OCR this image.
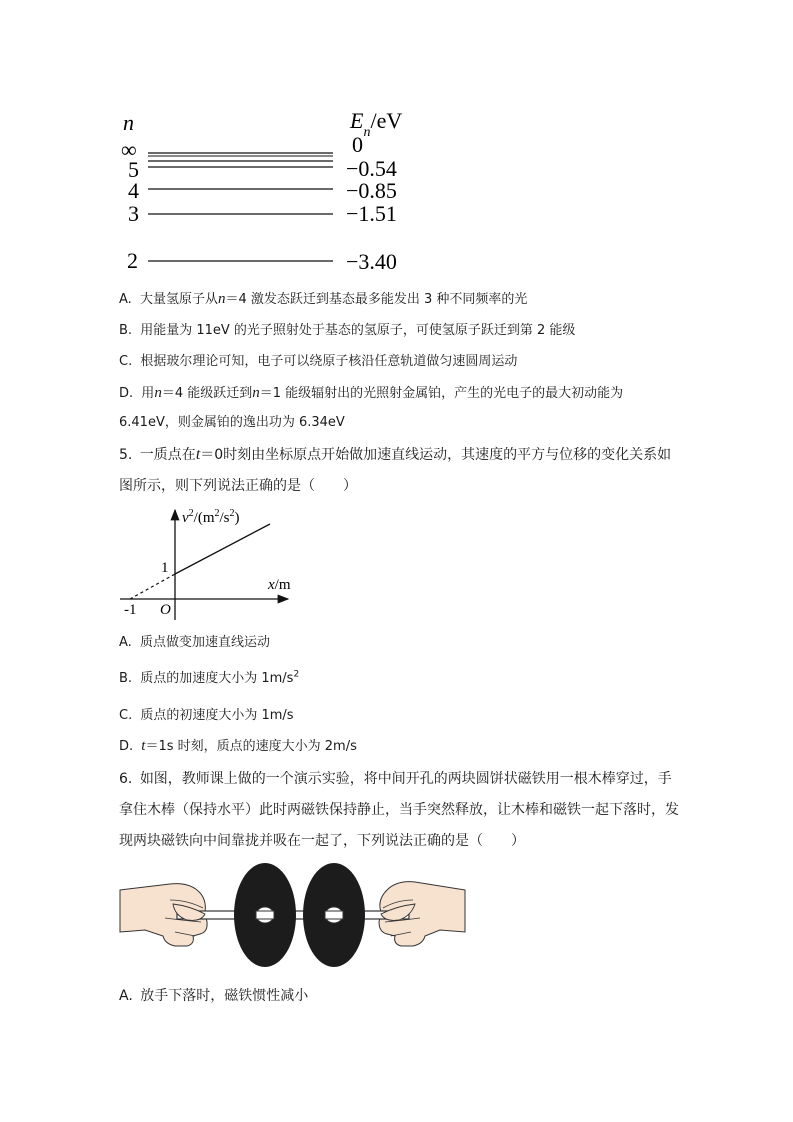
n	$E_n/eV$
∞	0
5	−0.54
4	−0.85
3	−1.51
2	−3.40
A. 大量氢原子从n＝4 激发态跃迁到基态最多能发出 3 种不同频率的光
B. 用能量为 11eV 的光子照射处于基态的氢原子，可使氢原子跃迁到第 2 能级
C. 根据玻尔理论可知，电子可以绕原子核沿任意轨道做匀速圆周运动
D. 用n＝4 能级跃迁到n＝1 能级辐射出的光照射金属铂，产生的光电子的最大初动能为
6.41eV，则金属铂的逸出功为 6.34eV
5. 一质点在t＝0时刻由坐标原点开始做加速直线运动，其速度的平方与位移的变化关系如
图所示，则下列说法正确的是（　　）
$v^2/(m^2/s^2)$
x/m
O
1
-1
A. 质点做变加速直线运动
B. 质点的加速度大小为 $1m/s^2$
C. 质点的初速度大小为 1m/s
D. t＝1s 时刻，质点的速度大小为 2m/s
6. 如图，教师课上做的一个演示实验，将中间开孔的两块圆饼状磁铁用一根木棒穿过，手
拿住木棒（保持水平）此时两磁铁保持静止，当手突然释放，让木棒和磁铁一起下落时，发
现两块磁铁向中间靠拢并吸在一起了，下列说法正确的是（　　）
A. 放手下落时，磁铁惯性减小
